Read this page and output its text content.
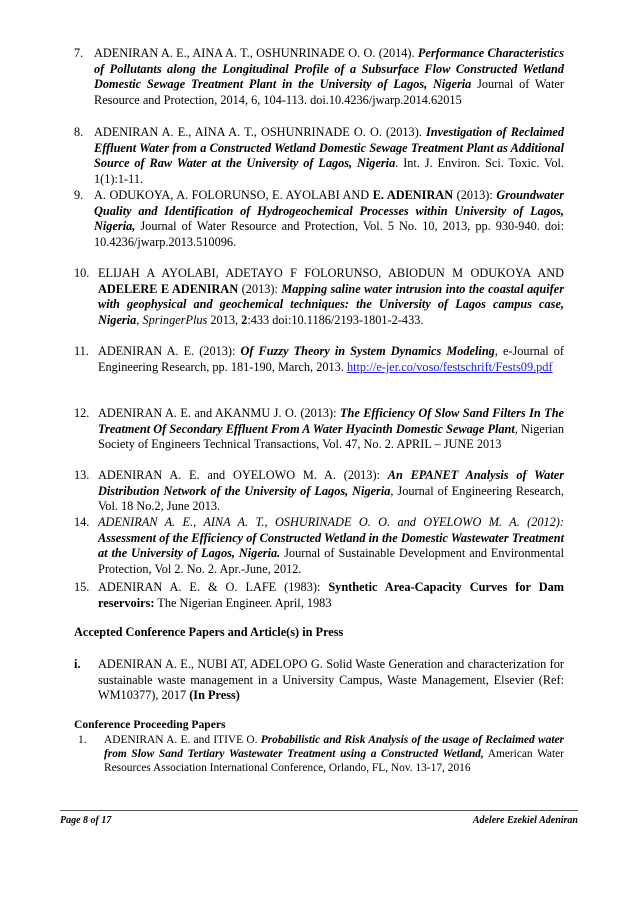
7. ADENIRAN A. E., AINA A. T., OSHUNRINADE O. O. (2014). Performance Characteristics of Pollutants along the Longitudinal Profile of a Subsurface Flow Constructed Wetland Domestic Sewage Treatment Plant in the University of Lagos, Nigeria Journal of Water Resource and Protection, 2014, 6, 104-113. doi.10.4236/jwarp.2014.62015
8. ADENIRAN A. E., AINA A. T., OSHUNRINADE O. O. (2013). Investigation of Reclaimed Effluent Water from a Constructed Wetland Domestic Sewage Treatment Plant as Additional Source of Raw Water at the University of Lagos, Nigeria. Int. J. Environ. Sci. Toxic. Vol. 1(1):1-11.
9. A. ODUKOYA, A. FOLORUNSO, E. AYOLABI AND E. ADENIRAN (2013): Groundwater Quality and Identification of Hydrogeochemical Processes within University of Lagos, Nigeria, Journal of Water Resource and Protection, Vol. 5 No. 10, 2013, pp. 930-940. doi: 10.4236/jwarp.2013.510096.
10. ELIJAH A AYOLABI, ADETAYO F FOLORUNSO, ABIODUN M ODUKOYA AND ADELERE E ADENIRAN (2013): Mapping saline water intrusion into the coastal aquifer with geophysical and geochemical techniques: the University of Lagos campus case, Nigeria, SpringerPlus 2013, 2:433 doi:10.1186/2193-1801-2-433.
11. ADENIRAN A. E. (2013): Of Fuzzy Theory in System Dynamics Modeling, e-Journal of Engineering Research, pp. 181-190, March, 2013. http://e-jer.co/voso/festschrift/Fests09.pdf
12. ADENIRAN A. E. and AKANMU J. O. (2013): The Efficiency Of Slow Sand Filters In The Treatment Of Secondary Effluent From A Water Hyacinth Domestic Sewage Plant, Nigerian Society of Engineers Technical Transactions, Vol. 47, No. 2. APRIL – JUNE 2013
13. ADENIRAN A. E. and OYELOWO M. A. (2013): An EPANET Analysis of Water Distribution Network of the University of Lagos, Nigeria, Journal of Engineering Research, Vol. 18 No.2, June 2013.
14. ADENIRAN A. E., AINA A. T., OSHURINADE O. O. and OYELOWO M. A. (2012): Assessment of the Efficiency of Constructed Wetland in the Domestic Wastewater Treatment at the University of Lagos, Nigeria. Journal of Sustainable Development and Environmental Protection, Vol 2. No. 2. Apr.-June, 2012.
15. ADENIRAN A. E. & O. LAFE (1983): Synthetic Area-Capacity Curves for Dam reservoirs: The Nigerian Engineer. April, 1983
Accepted Conference Papers and Article(s) in Press
i. ADENIRAN A. E., NUBI AT, ADELOPO G. Solid Waste Generation and characterization for sustainable waste management in a University Campus, Waste Management, Elsevier (Ref: WM10377), 2017 (In Press)
Conference Proceeding Papers
1. ADENIRAN A. E. and ITIVE O. Probabilistic and Risk Analysis of the usage of Reclaimed water from Slow Sand Tertiary Wastewater Treatment using a Constructed Wetland, American Water Resources Association International Conference, Orlando, FL, Nov. 13-17, 2016
Page 8 of 17	Adelere Ezekiel Adeniran
